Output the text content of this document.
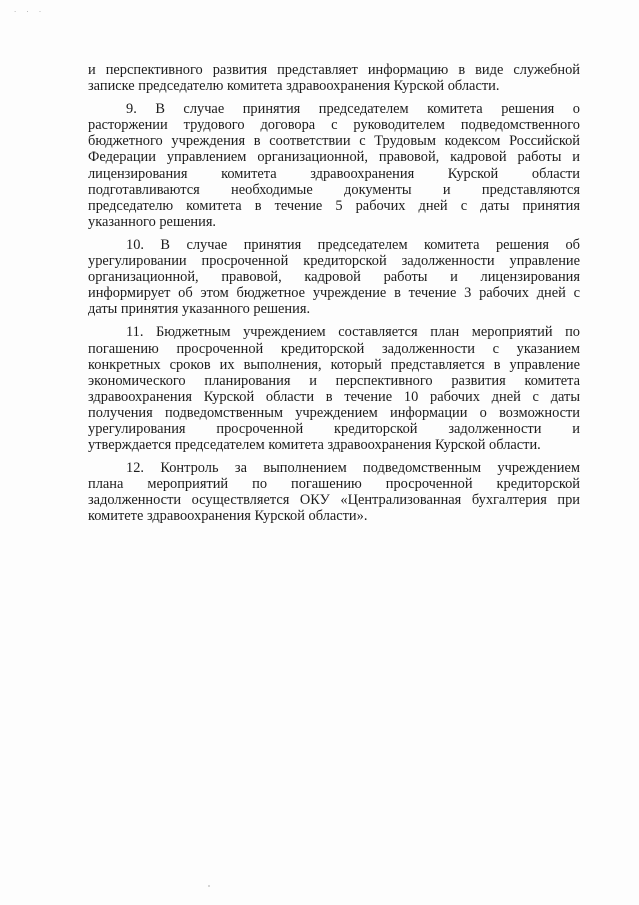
· · ·

и перспективного развития представляет информацию в виде служебной
записке председателю комитета здравоохранения Курской области.

9. В случае принятия председателем комитета решения о
расторжении трудового договора с руководителем подведомственного
бюджетного учреждения в соответствии с Трудовым кодексом Российской
Федерации управлением организационной, правовой, кадровой работы и
лицензирования комитета здравоохранения Курской области
подготавливаются необходимые документы и представляются
председателю комитета в течение 5 рабочих дней с даты принятия
указанного решения.

10. В случае принятия председателем комитета решения об
урегулировании просроченной кредиторской задолженности управление
организационной, правовой, кадровой работы и лицензирования
информирует об этом бюджетное учреждение в течение 3 рабочих дней с
даты принятия указанного решения.

11. Бюджетным учреждением составляется план мероприятий по
погашению просроченной кредиторской задолженности с указанием
конкретных сроков их выполнения, который представляется в управление
экономического планирования и перспективного развития комитета
здравоохранения Курской области в течение 10 рабочих дней с даты
получения подведомственным учреждением информации о возможности
урегулирования просроченной кредиторской задолженности и
утверждается председателем комитета здравоохранения Курской области.

12. Контроль за выполнением подведомственным учреждением
плана мероприятий по погашению просроченной кредиторской
задолженности осуществляется ОКУ «Централизованная бухгалтерия при
комитете здравоохранения Курской области».
